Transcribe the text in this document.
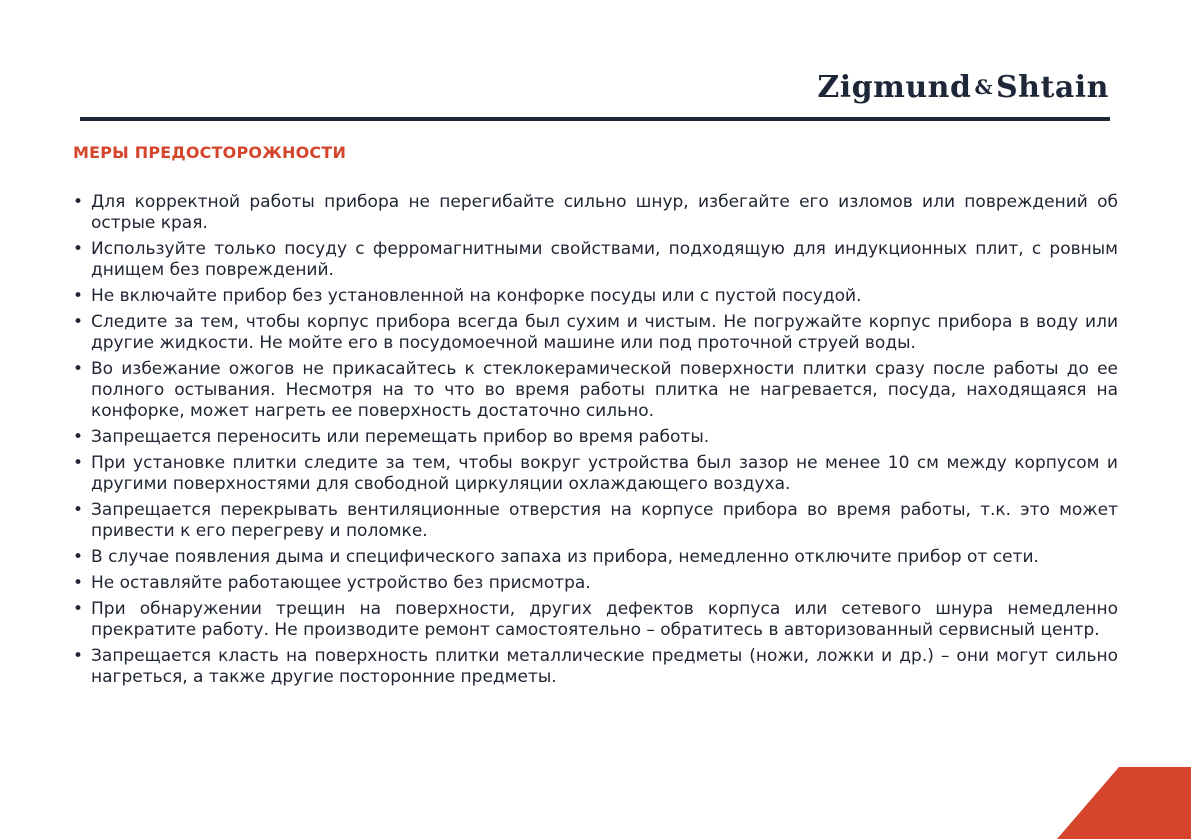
Zigmund & Shtain
МЕРЫ ПРЕДОСТОРОЖНОСТИ
• Для корректной работы прибора не перегибайте сильно шнур, избегайте его изломов или повреждений об острые края.
• Используйте только посуду с ферромагнитными свойствами, подходящую для индукционных плит, с ровным днищем без повреждений.
• Не включайте прибор без установленной на конфорке посуды или с пустой посудой.
• Следите за тем, чтобы корпус прибора всегда был сухим и чистым. Не погружайте корпус прибора в воду или другие жидкости. Не мойте его в посудомоечной машине или под проточной струей воды.
• Во избежание ожогов не прикасайтесь к стеклокерамической поверхности плитки сразу после работы до ее полного остывания. Несмотря на то что во время работы плитка не нагревается, посуда, находящаяся на конфорке, может нагреть ее поверхность достаточно сильно.
• Запрещается переносить или перемещать прибор во время работы.
• При установке плитки следите за тем, чтобы вокруг устройства был зазор не менее 10 см между корпусом и другими поверхностями для свободной циркуляции охлаждающего воздуха.
• Запрещается перекрывать вентиляционные отверстия на корпусе прибора во время работы, т.к. это может привести к его перегреву и поломке.
• В случае появления дыма и специфического запаха из прибора, немедленно отключите прибор от сети.
• Не оставляйте работающее устройство без присмотра.
• При обнаружении трещин на поверхности, других дефектов корпуса или сетевого шнура немедленно прекратите работу. Не производите ремонт самостоятельно – обратитесь в авторизованный сервисный центр.
• Запрещается класть на поверхность плитки металлические предметы (ножи, ложки и др.) – они могут сильно нагреться, а также другие посторонние предметы.
